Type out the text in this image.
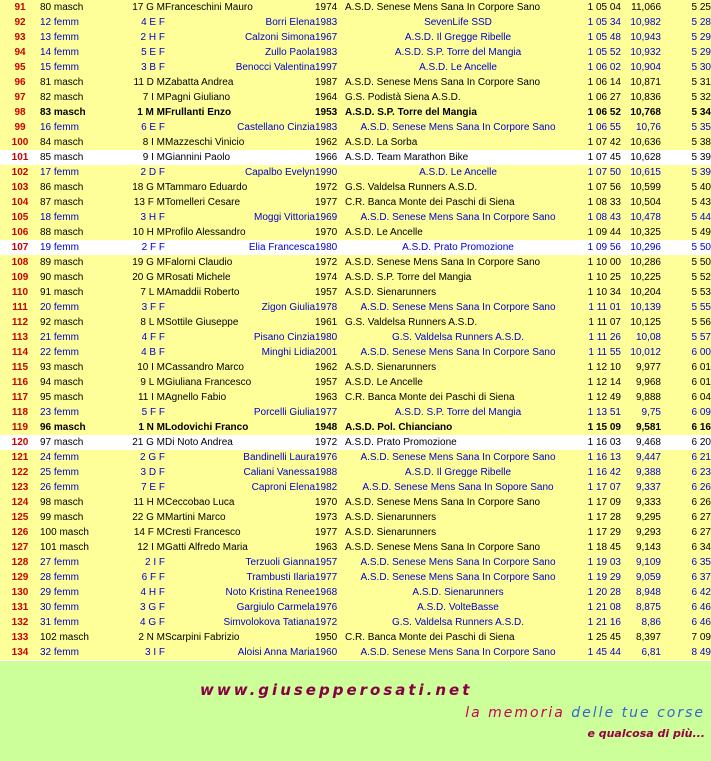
91	80 masch	17 G M	Franceschini Mauro	1974	A.S.D. Senese Mens Sana In Corpore Sano	1 05 04	11,066	5 25
92	12 femm	4 E F	Borri Elena	1983	SevenLife SSD	1 05 34	10,982	5 28
93	13 femm	2 H F	Calzoni Simona	1967	A.S.D. Il Gregge Ribelle	1 05 48	10,943	5 29
94	14 femm	5 E F	Zullo Paola	1983	A.S.D. S.P. Torre del Mangia	1 05 52	10,932	5 29
95	15 femm	3 B F	Benocci Valentina	1997	A.S.D. Le Ancelle	1 06 02	10,904	5 30
96	81 masch	11 D M	Zabatta Andrea	1987	A.S.D. Senese Mens Sana In Corpore Sano	1 06 14	10,871	5 31
97	82 masch	7 I M	Pagni Giuliano	1964	G.S. Podistà Siena A.S.D.	1 06 27	10,836	5 32
98	83 masch	1 M M	Frullanti Enzo	1953	A.S.D. S.P. Torre del Mangia	1 06 52	10,768	5 34
99	16 femm	6 E F	Castellano Cinzia	1983	A.S.D. Senese Mens Sana In Corpore Sano	1 06 55	10,76	5 35
100	84 masch	8 I M	Mazzeschi Vinicio	1962	A.S.D. La Sorba	1 07 42	10,636	5 38
101	85 masch	9 I M	Giannini Paolo	1966	A.S.D. Team Marathon Bike	1 07 45	10,628	5 39
102	17 femm	2 D F	Capalbo Evelyn	1990	A.S.D. Le Ancelle	1 07 50	10,615	5 39
103	86 masch	18 G M	Tammaro Eduardo	1972	G.S. Valdelsa Runners A.S.D.	1 07 56	10,599	5 40
104	87 masch	13 F M	Tomelleri Cesare	1977	C.R. Banca Monte dei Paschi di Siena	1 08 33	10,504	5 43
105	18 femm	3 H F	Moggi Vittoria	1969	A.S.D. Senese Mens Sana In Corpore Sano	1 08 43	10,478	5 44
106	88 masch	10 H M	Profilo Alessandro	1970	A.S.D. Le Ancelle	1 09 44	10,325	5 49
107	19 femm	2 F F	Elia Francesca	1980	A.S.D. Prato Promozione	1 09 56	10,296	5 50
108	89 masch	19 G M	Falorni Claudio	1972	A.S.D. Senese Mens Sana In Corpore Sano	1 10 00	10,286	5 50
109	90 masch	20 G M	Rosati Michele	1974	A.S.D. S.P. Torre del Mangia	1 10 25	10,225	5 52
110	91 masch	7 L M	Amaddii Roberto	1957	A.S.D. Sienarunners	1 10 34	10,204	5 53
111	20 femm	3 F F	Zigon Giulia	1978	A.S.D. Senese Mens Sana In Corpore Sano	1 11 01	10,139	5 55
112	92 masch	8 L M	Sottile Giuseppe	1961	G.S. Valdelsa Runners A.S.D.	1 11 07	10,125	5 56
113	21 femm	4 F F	Pisano Cinzia	1980	G.S. Valdelsa Runners A.S.D.	1 11 26	10,08	5 57
114	22 femm	4 B F	Minghi Lidia	2001	A.S.D. Senese Mens Sana In Corpore Sano	1 11 55	10,012	6 00
115	93 masch	10 I M	Cassandro Marco	1962	A.S.D. Sienarunners	1 12 10	9,977	6 01
116	94 masch	9 L M	Giuliana Francesco	1957	A.S.D. Le Ancelle	1 12 14	9,968	6 01
117	95 masch	11 I M	Agnello Fabio	1963	C.R. Banca Monte dei Paschi di Siena	1 12 49	9,888	6 04
118	23 femm	5 F F	Porcelli Giulia	1977	A.S.D. S.P. Torre del Mangia	1 13 51	9,75	6 09
119	96 masch	1 N M	Lodovichi Franco	1948	A.S.D. Pol. Chianciano	1 15 09	9,581	6 16
120	97 masch	21 G M	Di Noto Andrea	1972	A.S.D. Prato Promozione	1 16 03	9,468	6 20
121	24 femm	2 G F	Bandinelli Laura	1976	A.S.D. Senese Mens Sana In Corpore Sano	1 16 13	9,447	6 21
122	25 femm	3 D F	Caliani Vanessa	1988	A.S.D. Il Gregge Ribelle	1 16 42	9,388	6 23
123	26 femm	7 E F	Caproni Elena	1982	A.S.D. Senese Mens Sana In Sopore Sano	1 17 07	9,337	6 26
124	98 masch	11 H M	Ceccobao Luca	1970	A.S.D. Senese Mens Sana In Corpore Sano	1 17 09	9,333	6 26
125	99 masch	22 G M	Martini Marco	1973	A.S.D. Sienarunners	1 17 28	9,295	6 27
126	100 masch	14 F M	Cresti Francesco	1977	A.S.D. Sienarunners	1 17 29	9,293	6 27
127	101 masch	12 I M	Gatti Alfredo Maria	1963	A.S.D. Senese Mens Sana In Corpore Sano	1 18 45	9,143	6 34
128	27 femm	2 I F	Terzuoli Gianna	1957	A.S.D. Senese Mens Sana In Corpore Sano	1 19 03	9,109	6 35
129	28 femm	6 F F	Trambusti Ilaria	1977	A.S.D. Senese Mens Sana In Corpore Sano	1 19 29	9,059	6 37
130	29 femm	4 H F	Noto Kristina Renee	1968	A.S.D. Sienarunners	1 20 28	8,948	6 42
131	30 femm	3 G F	Gargiulo Carmela	1976	A.S.D. VolteBasse	1 21 08	8,875	6 46
132	31 femm	4 G F	Simvolokova Tatiana	1972	G.S. Valdelsa Runners A.S.D.	1 21 16	8,86	6 46
133	102 masch	2 N M	Scarpini Fabrizio	1950	C.R. Banca Monte dei Paschi di Siena	1 25 45	8,397	7 09
134	32 femm	3 I F	Aloisi Anna Maria	1960	A.S.D. Senese Mens Sana In Corpore Sano	1 45 44	6,81	8 49
www.giusepperosati.net
la memoria delle tue corse
e qualcosa di più...
